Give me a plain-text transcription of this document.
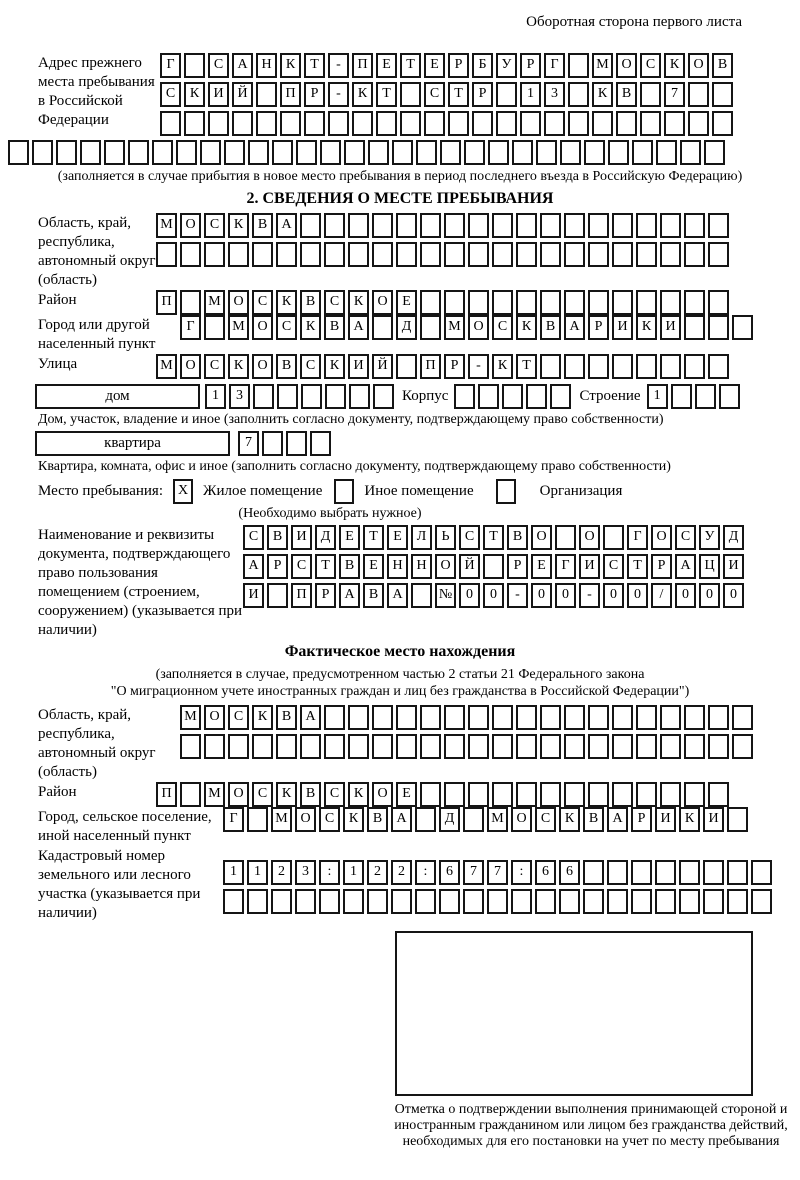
Оборотная сторона первого листа
Адрес прежнего места пребывания в Российской Федерации
Г	С	А Н	К	Т	-	П	Е	Т	Е	Р	Б	У	Р	Г	М О	С	К	О	В
С	К	И Й	П	Р	-	К	Т	С	Т	Р	1	3	К	В	7
(заполняется в случае прибытия в новое место пребывания в период последнего въезда в Российскую Федерацию)
2. СВЕДЕНИЯ О МЕСТЕ ПРЕБЫВАНИЯ
Область, край, республика, автономный округ (область)
М О	С	К	В	А
Район	П	М О	С	К	В	С	К	О	Е
Город или другой населенный пункт
Г	М О	С	К	В	А	Д	М О	С	К	В	А	Р	И	К	И
Улица	М О	С	К	О	В	С	К	И Й	П	Р	-	К	Т
дом	1	3	Корпус	Строение 1
Дом, участок, владение и иное (заполнить согласно документу, подтверждающему право собственности)
квартира	7
Квартира, комната, офис и иное (заполнить согласно документу, подтверждающему право собственности)
Место пребывания:	X Жилое помещение	Иное помещение	Организация
(Необходимо выбрать нужное)
Наименование и реквизиты документа, подтверждающего право пользования помещением (строением, сооружением) (указывается при наличии)
С	В	И	Д	Е	Т	Е	Л	Ь	С	Т	В	О	О	Г	О	С	У	Д
А	Р	С	Т	В	Е	Н Н О Й	Р	Е	Г	И	С	Т	Р	А Ц И
И	П	Р	А	В	А	№ 0	0	-	0	0	-	0	0	/	0	0	0
Фактическое место нахождения
(заполняется в случае, предусмотренном частью 2 статьи 21 Федерального закона
"О миграционном учете иностранных граждан и лиц без гражданства в Российской Федерации")
Область, край, республика, автономный округ (область)
М О	С	К	В	А
Район	П	М О	С	К	В	С	К	О	Е
Город, сельское поселение, иной населенный пункт
Г	М О	С	К	В	А	Д	М О	С	К	В	А	Р	И	К	И
Кадастровый номер земельного или лесного участка (указывается при наличии)
1	1	2	3	:	1	2	2	:	6	7	7	:	6	6
Отметка о подтверждении выполнения принимающей стороной и иностранным гражданином или лицом без гражданства действий, необходимых для его постановки на учет по месту пребывания
